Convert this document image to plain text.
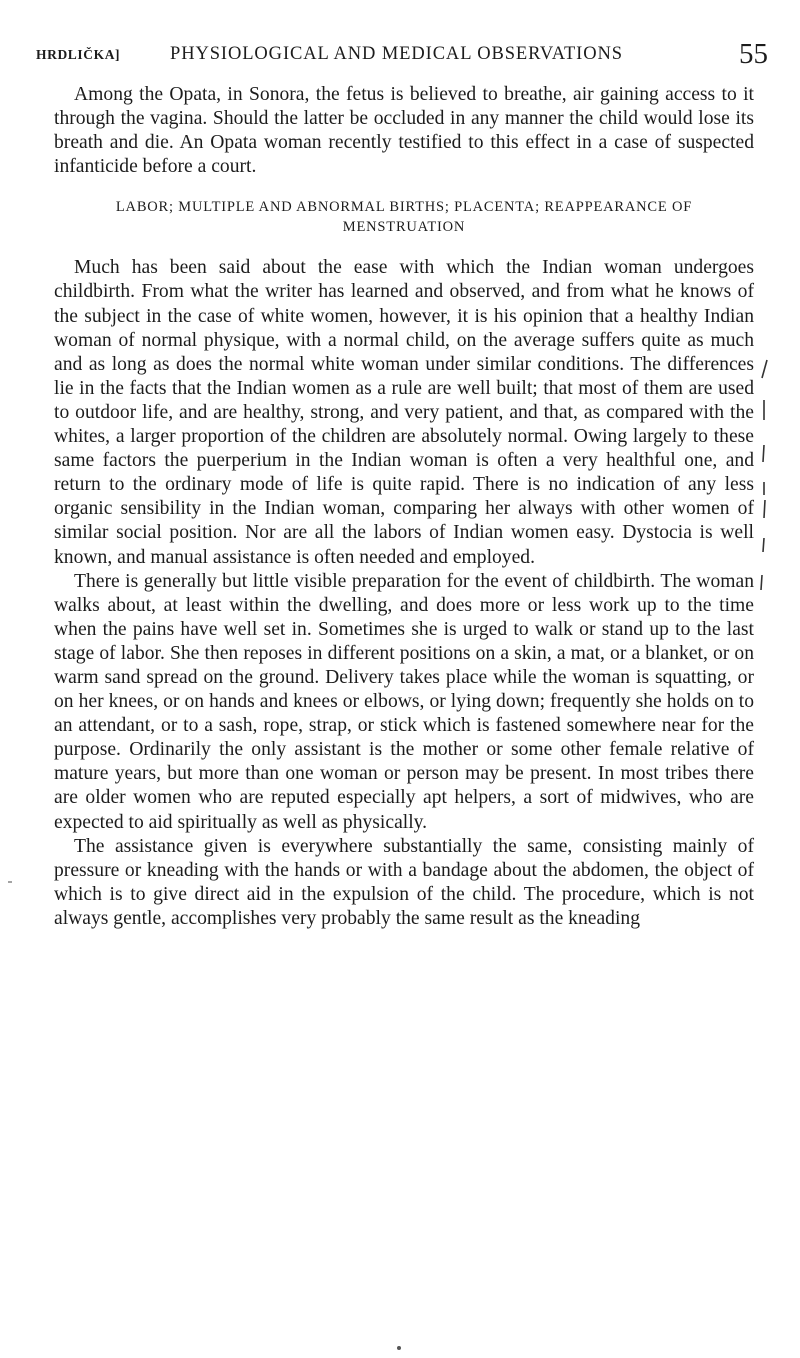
HRDLIČKA]	PHYSIOLOGICAL AND MEDICAL OBSERVATIONS	55

Among the Opata, in Sonora, the fetus is believed to breathe, air gaining access to it through the vagina. Should the latter be occluded in any manner the child would lose its breath and die. An Opata woman recently testified to this effect in a case of suspected infanticide before a court.

LABOR; MULTIPLE AND ABNORMAL BIRTHS; PLACENTA; REAPPEARANCE OF MENSTRUATION

Much has been said about the ease with which the Indian woman undergoes childbirth. From what the writer has learned and observed, and from what he knows of the subject in the case of white women, however, it is his opinion that a healthy Indian woman of normal physique, with a normal child, on the average suffers quite as much and as long as does the normal white woman under similar conditions. The differences lie in the facts that the Indian women as a rule are well built; that most of them are used to outdoor life, and are healthy, strong, and very patient, and that, as compared with the whites, a larger proportion of the children are absolutely normal. Owing largely to these same factors the puerperium in the Indian woman is often a very healthful one, and return to the ordinary mode of life is quite rapid. There is no indication of any less organic sensibility in the Indian woman, comparing her always with other women of similar social position. Nor are all the labors of Indian women easy. Dystocia is well known, and manual assistance is often needed and employed.

There is generally but little visible preparation for the event of childbirth. The woman walks about, at least within the dwelling, and does more or less work up to the time when the pains have well set in. Sometimes she is urged to walk or stand up to the last stage of labor. She then reposes in different positions on a skin, a mat, or a blanket, or on warm sand spread on the ground. Delivery takes place while the woman is squatting, or on her knees, or on hands and knees or elbows, or lying down; frequently she holds on to an attendant, or to a sash, rope, strap, or stick which is fastened somewhere near for the purpose. Ordinarily the only assistant is the mother or some other female relative of mature years, but more than one woman or person may be present. In most tribes there are older women who are reputed especially apt helpers, a sort of midwives, who are expected to aid spiritually as well as physically.

The assistance given is everywhere substantially the same, consisting mainly of pressure or kneading with the hands or with a bandage about the abdomen, the object of which is to give direct aid in the expulsion of the child. The procedure, which is not always gentle, accomplishes very probably the same result as the kneading
